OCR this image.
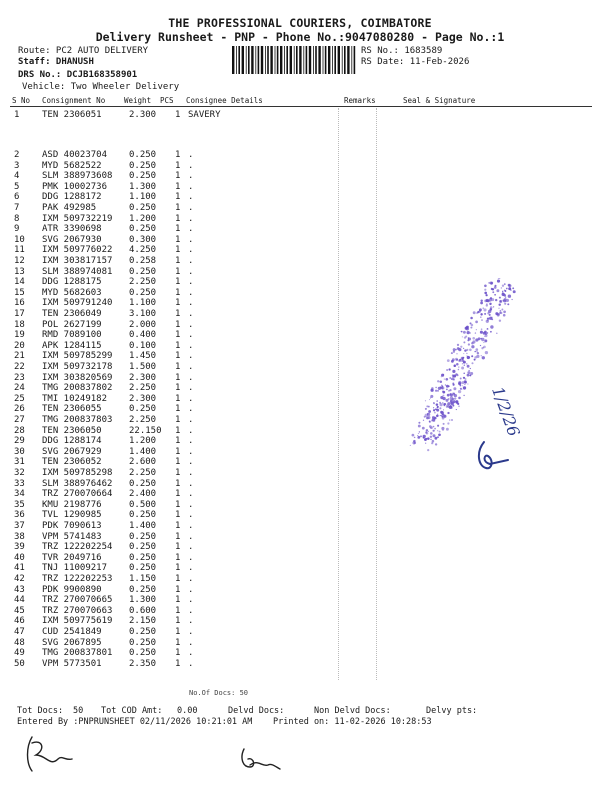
THE PROFESSIONAL COURIERS, COIMBATORE
Delivery Runsheet - PNP - Phone No.:9047080280 - Page No.:1
Route: PC2 AUTO DELIVERY
Staff: DHANUSH
DRS No.: DCJB168358901
Vehicle: Two Wheeler Delivery
RS No.: 1683589
RS Date: 11-Feb-2026
S No Consignment No	Weight PCS Consignee Details	Remarks	Seal & Signature
1	TEN 2306051	2.300 1 SAVERY
2	ASD 40023704 0.250 1 .
3	MYD 5682522	0.250 1 .
4	SLM 388973608 0.250 1 .
5	PMK 10002736 1.300 1 .
6	DDG 1288172	1.100 1 .
7	PAK 492985	0.250 1 .
8	IXM 509732219 1.200 1 .
9	ATR 3390698	0.250 1 .
10 SVG 2067930	0.300 1 .
11 IXM 509776022 4.250 1 .
12 IXM 303817157 0.258 1 .
13 SLM 388974081 0.250 1 .
14 DDG 1288175	2.250 1 .
15 MYD 5682603	0.250 1 .
16 IXM 509791240 1.100 1 .
17 TEN 2306049	3.100 1 .
18 POL 2627199	2.000 1 .
19 RMD 7089100	0.400 1 .
20 APK 1284115	0.100 1 .
21 IXM 509785299 1.450 1 .
22 IXM 509732178 1.500 1 .
23 IXM 303820569 2.300 1 .
24 TMG 200837802 2.250 1 .
25 TMI 10249182 2.300 1 .
26 TEN 2306055	0.250 1 .
27 TMG 200837803 2.250 1 .
28 TEN 2306050	22.150 1 .
29 DDG 1288174	1.200 1 .
30 SVG 2067929	1.400 1 .
31 TEN 2306052	2.600 1 .
32 IXM 509785298 2.250 1 .
33 SLM 388976462 0.250 1 .
34 TRZ 270070664 2.400 1 .
35 KMU 2198776	0.500 1 .
36 TVL 1290985	0.250 1 .
37 PDK 7090613	1.400 1 .
38 VPM 5741483	0.250 1 .
39 TRZ 122202254 0.250 1 .
40 TVR 2049716	0.250 1 .
41 TNJ 11009217 0.250 1 .
42 TRZ 122202253 1.150 1 .
43 PDK 9900890	0.250 1 .
44 TRZ 270070665 1.300 1 .
45 TRZ 270070663 0.600 1 .
46 IXM 509775619 2.150 1 .
47 CUD 2541849	0.250 1 .
48 SVG 2067895	0.250 1 .
49 TMG 200837801 0.250 1 .
50 VPM 5773501	2.350 1 .
No.Of Docs: 50
Tot Docs: 50 Tot COD Amt: 0.00	Delvd Docs:	Non Delvd Docs:	Delvy pts:
Entered By :PNPRUNSHEET 02/11/2026 10:21:01 AM Printed on: 11-02-2026 10:28:53
1/2/26
